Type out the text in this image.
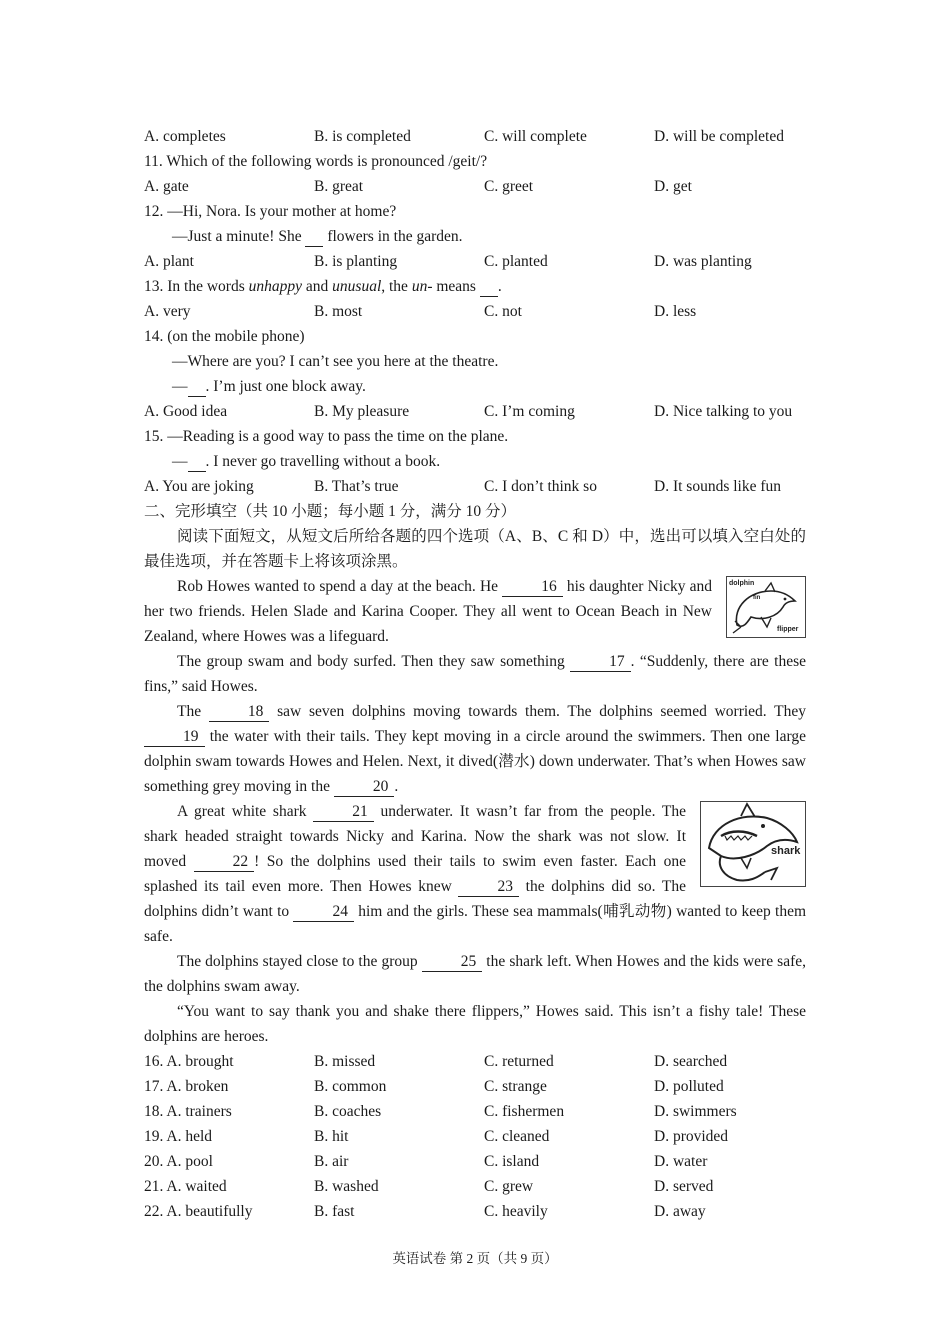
A. completes	B. is completed	C. will complete	D. will be completed
11. Which of the following words is pronounced /geit/?
A. gate	B. great	C. greet	D. get
12. —Hi, Nora. Is your mother at home?
—Just a minute! She   flowers in the garden.
A. plant	B. is planting	C. planted	D. was planting
13. In the words unhappy and unusual, the un- means  .
A. very	B. most	C. not	D. less
14. (on the mobile phone)
—Where are you? I can’t see you here at the theatre.
— . I’m just one block away.
A. Good idea	B. My pleasure	C. I’m coming	D. Nice talking to you
15. —Reading is a good way to pass the time on the plane.
— . I never go travelling without a book.
A. You are joking	B. That’s true	C. I don’t think so	D. It sounds like fun
二、完形填空（共 10 小题；每小题 1 分，满分 10 分）

阅读下面短文，从短文后所给各题的四个选项（A、B、C 和 D）中，选出可以填入空白处的最佳选项，并在答题卡上将该项涂黑。

dolphin
fin
flipper
Rob Howes wanted to spend a day at the beach. He	16 his daughter Nicky and her two friends. Helen Slade and Karina Cooper. They all went to Ocean Beach in New Zealand, where Howes was a lifeguard.

The group swam and body surfed. Then they saw something	17 . “Suddenly, there are these fins,” said Howes.

The	18 saw seven dolphins moving towards them. The dolphins seemed worried. They 19 the water with their tails. They kept moving in a circle around the swimmers. Then one large dolphin swam towards Howes and Helen. Next, it dived(潜水) down underwater. That’s when Howes saw something grey moving in the	20 .

shark
A great white shark	21 underwater. It wasn’t far from the people. The shark headed straight towards Nicky and Karina. Now the shark was not slow. It moved	22 ! So the dolphins used their tails to swim even faster. Each one splashed its tail even more. Then Howes knew	23 the dolphins did so. The dolphins didn’t want to	24 him and the girls. These sea mammals(哺乳动物) wanted to keep them safe.

The dolphins stayed close to the group	25 the shark left. When Howes and the kids were safe, the dolphins swam away.

“You want to say thank you and shake there flippers,” Howes said. This isn’t a fishy tale! These dolphins are heroes.

16. A. brought	B. missed	C. returned	D. searched
17. A. broken	B. common	C. strange	D. polluted
18. A. trainers	B. coaches	C. fishermen	D. swimmers
19. A. held	B. hit	C. cleaned	D. provided
20. A. pool	B. air	C. island	D. water
21. A. waited	B. washed	C. grew	D. served
22. A. beautifully	B. fast	C. heavily	D. away
英语试卷 第 2 页（共 9 页）
